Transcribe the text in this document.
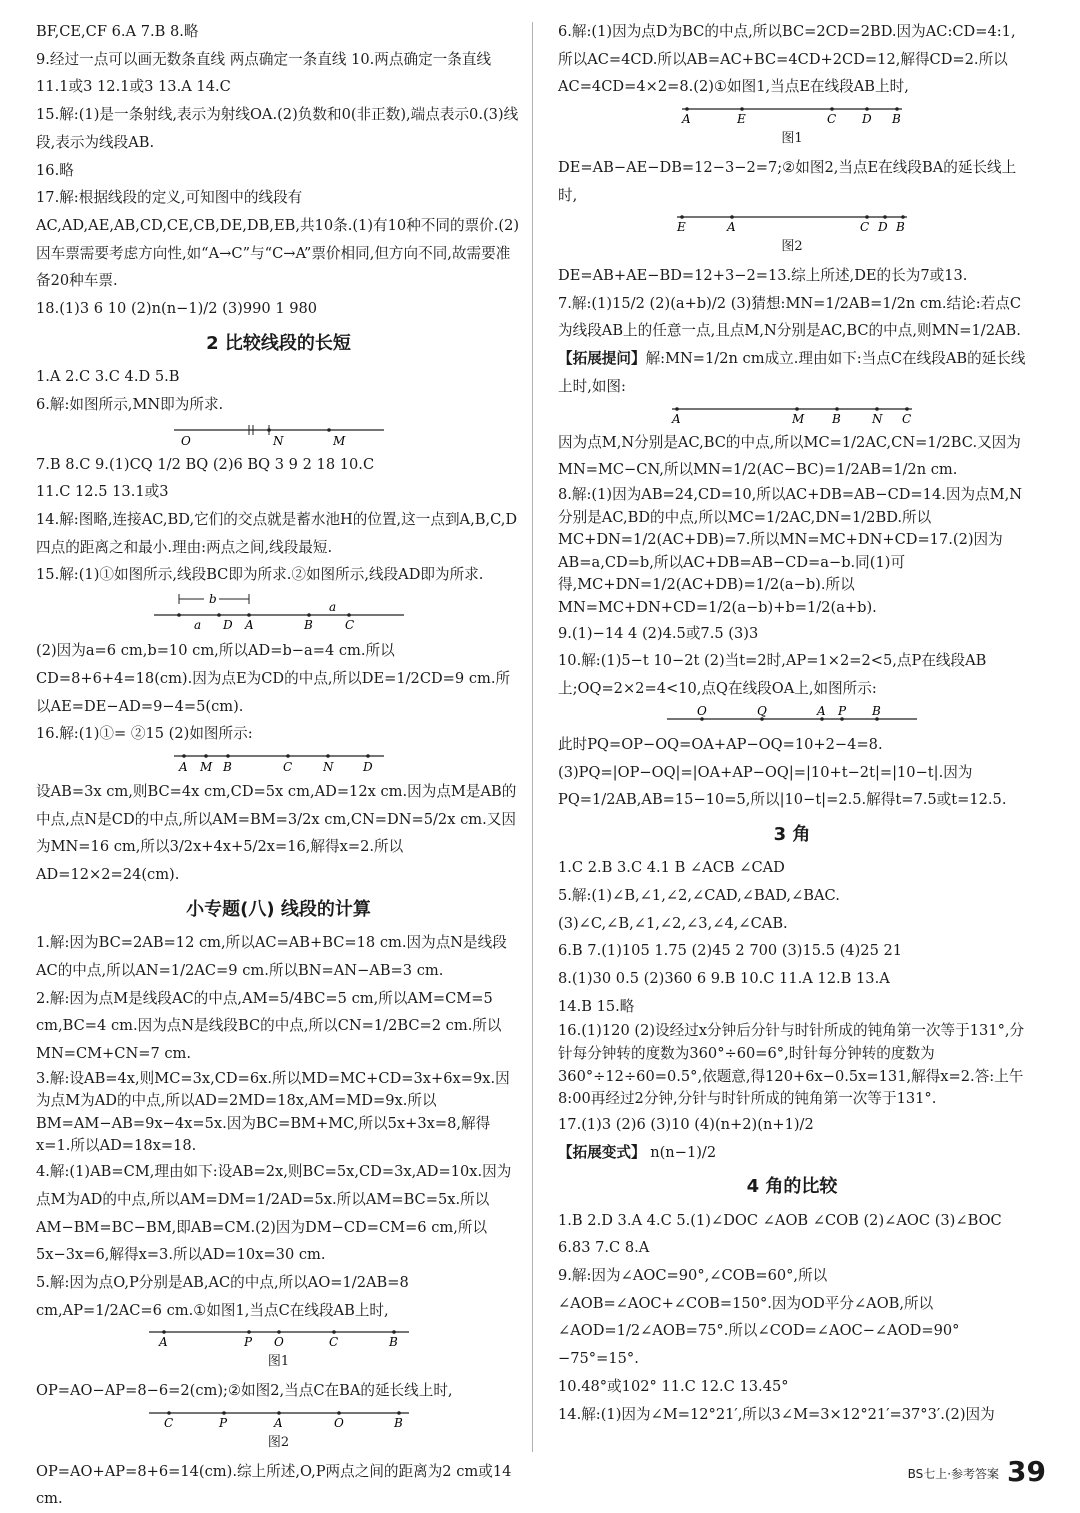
BF,CE,CF 6.A 7.B 8.略

9.经过一点可以画无数条直线 两点确定一条直线 10.两点确定一条直线 11.1或3 12.1或3 13.A 14.C

15.解:(1)是一条射线,表示为射线OA.(2)负数和0(非正数),端点表示0.(3)线段,表示为线段AB.

16.略

17.解:根据线段的定义,可知图中的线段有AC,AD,AE,AB,CD,CE,CB,DE,DB,EB,共10条.(1)有10种不同的票价.(2)因车票需要考虑方向性,如“A→C”与“C→A”票价相同,但方向不同,故需要准备20种车票.

18.(1)3 6 10 (2)n(n−1)/2 (3)990 1 980

2 比较线段的长短

1.A 2.C 3.C 4.D 5.B

6.解:如图所示,MN即为所求.

O	N	M

7.B 8.C 9.(1)CQ 1/2 BQ (2)6 BQ 3 9 2 18 10.C

11.C 12.5 13.1或3

14.解:图略,连接AC,BD,它们的交点就是蓄水池H的位置,这一点到A,B,C,D四点的距离之和最小.理由:两点之间,线段最短.

15.解:(1)①如图所示,线段BC即为所求.②如图所示,线段AD即为所求.

b
a D A	B
a
C

(2)因为a=6 cm,b=10 cm,所以AD=b−a=4 cm.所以CD=8+6+4=18(cm).因为点E为CD的中点,所以DE=1/2CD=9 cm.所以AE=DE−AD=9−4=5(cm).

16.解:(1)①= ②15 (2)如图所示:

A M B	C	N D

设AB=3x cm,则BC=4x cm,CD=5x cm,AD=12x cm.因为点M是AB的中点,点N是CD的中点,所以AM=BM=3/2x cm,CN=DN=5/2x cm.又因为MN=16 cm,所以3/2x+4x+5/2x=16,解得x=2.所以AD=12×2=24(cm).

小专题(八) 线段的计算

1.解:因为BC=2AB=12 cm,所以AC=AB+BC=18 cm.因为点N是线段AC的中点,所以AN=1/2AC=9 cm.所以BN=AN−AB=3 cm.

2.解:因为点M是线段AC的中点,AM=5/4BC=5 cm,所以AM=CM=5 cm,BC=4 cm.因为点N是线段BC的中点,所以CN=1/2BC=2 cm.所以MN=CM+CN=7 cm.

3.解:设AB=4x,则MC=3x,CD=6x.所以MD=MC+CD=3x+6x=9x.因为点M为AD的中点,所以AD=2MD=18x,AM=MD=9x.所以BM=AM−AB=9x−4x=5x.因为BC=BM+MC,所以5x+3x=8,解得x=1.所以AD=18x=18.

4.解:(1)AB=CM,理由如下:设AB=2x,则BC=5x,CD=3x,AD=10x.因为点M为AD的中点,所以AM=DM=1/2AD=5x.所以AM=BC=5x.所以AM−BM=BC−BM,即AB=CM.(2)因为DM−CD=CM=6 cm,所以5x−3x=6,解得x=3.所以AD=10x=30 cm.

5.解:因为点O,P分别是AB,AC的中点,所以AO=1/2AB=8 cm,AP=1/2AC=6 cm.①如图1,当点C在线段AB上时,

A	P O	C	B
图1

OP=AO−AP=8−6=2(cm);②如图2,当点C在BA的延长线上时,

C	P	A	O	B
图2

OP=AO+AP=8+6=14(cm).综上所述,O,P两点之间的距离为2 cm或14 cm.

6.解:(1)因为点D为BC的中点,所以BC=2CD=2BD.因为AC:CD=4:1,所以AC=4CD.所以AB=AC+BC=4CD+2CD=12,解得CD=2.所以AC=4CD=4×2=8.(2)①如图1,当点E在线段AB上时,

A	E	C D B
图1

DE=AB−AE−DB=12−3−2=7;②如图2,当点E在线段BA的延长线上时,

E	A	C D B
图2

DE=AB+AE−BD=12+3−2=13.综上所述,DE的长为7或13.

7.解:(1)15/2 (2)(a+b)/2 (3)猜想:MN=1/2AB=1/2n cm.结论:若点C为线段AB上的任意一点,且点M,N分别是AC,BC的中点,则MN=1/2AB.

【拓展提问】解:MN=1/2n cm成立.理由如下:当点C在线段AB的延长线上时,如图:

A	M B	N C

因为点M,N分别是AC,BC的中点,所以MC=1/2AC,CN=1/2BC.又因为MN=MC−CN,所以MN=1/2(AC−BC)=1/2AB=1/2n cm.

8.解:(1)因为AB=24,CD=10,所以AC+DB=AB−CD=14.因为点M,N分别是AC,BD的中点,所以MC=1/2AC,DN=1/2BD.所以MC+DN=1/2(AC+DB)=7.所以MN=MC+DN+CD=17.(2)因为AB=a,CD=b,所以AC+DB=AB−CD=a−b.同(1)可得,MC+DN=1/2(AC+DB)=1/2(a−b).所以MN=MC+DN+CD=1/2(a−b)+b=1/2(a+b).

9.(1)−14 4 (2)4.5或7.5 (3)3

10.解:(1)5−t 10−2t (2)当t=2时,AP=1×2=2<5,点P在线段AB上;OQ=2×2=4<10,点Q在线段OA上,如图所示:

O	Q	A P B

此时PQ=OP−OQ=OA+AP−OQ=10+2−4=8.(3)PQ=|OP−OQ|=|OA+AP−OQ|=|10+t−2t|=|10−t|.因为PQ=1/2AB,AB=15−10=5,所以|10−t|=2.5.解得t=7.5或t=12.5.

3 角

1.C 2.B 3.C 4.1 B ∠ACB ∠CAD

5.解:(1)∠B,∠1,∠2,∠CAD,∠BAD,∠BAC.(3)∠C,∠B,∠1,∠2,∠3,∠4,∠CAB.

6.B 7.(1)105 1.75 (2)45 2 700 (3)15.5 (4)25 21

8.(1)30 0.5 (2)360 6 9.B 10.C 11.A 12.B 13.A

14.B 15.略

16.(1)120 (2)设经过x分钟后分针与时针所成的钝角第一次等于131°,分针每分钟转的度数为360°÷60=6°,时针每分钟转的度数为360°÷12÷60=0.5°,依题意,得120+6x−0.5x=131,解得x=2.答:上午8:00再经过2分钟,分针与时针所成的钝角第一次等于131°.

17.(1)3 (2)6 (3)10 (4)(n+2)(n+1)/2

【拓展变式】 n(n−1)/2

4 角的比较

1.B 2.D 3.A 4.C 5.(1)∠DOC ∠AOB ∠COB (2)∠AOC (3)∠BOC 6.83 7.C 8.A

9.解:因为∠AOC=90°,∠COB=60°,所以∠AOB=∠AOC+∠COB=150°.因为OD平分∠AOB,所以∠AOD=1/2∠AOB=75°.所以∠COD=∠AOC−∠AOD=90°−75°=15°.

10.48°或102° 11.C 12.C 13.45°

14.解:(1)因为∠M=12°21′,所以3∠M=3×12°21′=37°3′.(2)因为

BS七上·参考答案 39
